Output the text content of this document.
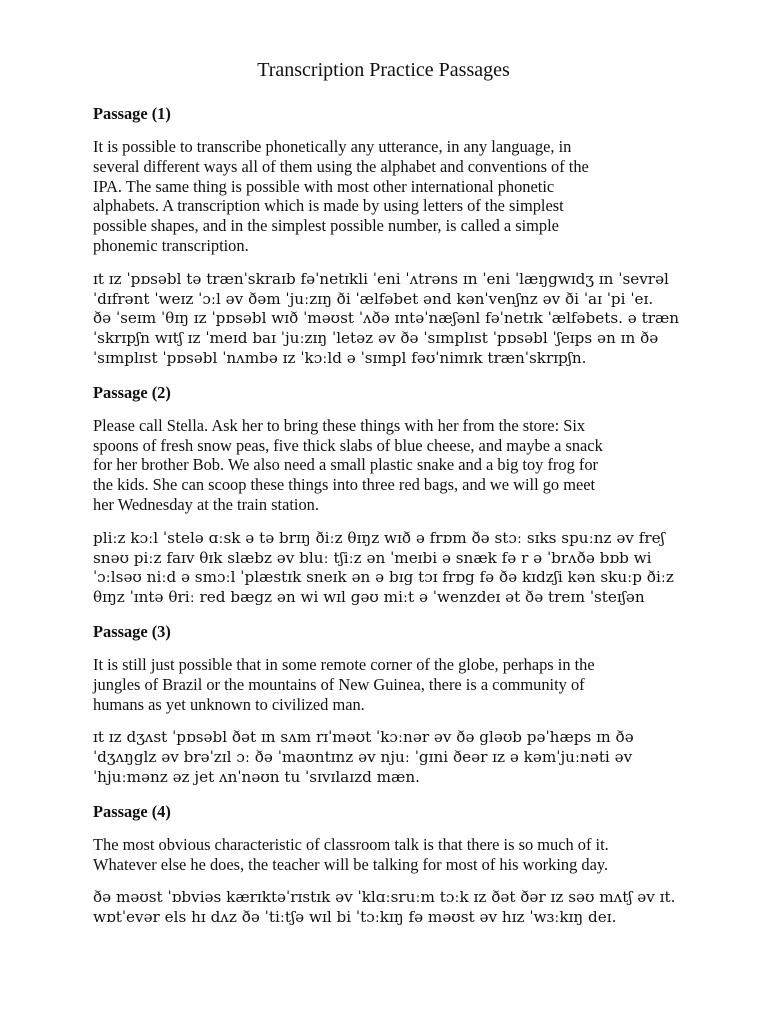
Transcription Practice Passages
Passage (1)
It is possible to transcribe phonetically any utterance, in any language, in
several different ways all of them using the alphabet and conventions of the
IPA. The same thing is possible with most other international phonetic
alphabets. A transcription which is made by using letters of the simplest
possible shapes, and in the simplest possible number, is called a simple
phonemic transcription.
ɪt ɪz ˈpɒsəbl tə trænˈskraɪb fəˈnetɪkli ˈeni ˈʌtrəns ɪn ˈeni ˈlæŋgwɪdʒ ɪn ˈsevrəl
ˈdɪfrənt ˈweɪz ˈɔːl əv ðəm ˈjuːzɪŋ ði ˈælfəbet ənd kənˈvenʃnz əv ði ˈaɪ ˈpi ˈeɪ.
ðə ˈseɪm ˈθɪŋ ɪz ˈpɒsəbl wɪð ˈməʊst ˈʌðə ɪntəˈnæʃənl fəˈnetɪk ˈælfəbets. ə træn
ˈskrɪpʃn wɪtʃ ɪz ˈmeɪd baɪ ˈjuːzɪŋ ˈletəz əv ðə ˈsɪmplɪst ˈpɒsəbl ˈʃeɪps ən ɪn ðə
ˈsɪmplɪst ˈpɒsəbl ˈnʌmbə ɪz ˈkɔːld ə ˈsɪmpl fəʊˈnimɪk trænˈskrɪpʃn.
Passage (2)
Please call Stella. Ask her to bring these things with her from the store: Six
spoons of fresh snow peas, five thick slabs of blue cheese, and maybe a snack
for her brother Bob. We also need a small plastic snake and a big toy frog for
the kids. She can scoop these things into three red bags, and we will go meet
her Wednesday at the train station.
pliːz kɔːl ˈstelə ɑːsk ə tə brɪŋ ðiːz θɪŋz wɪð ə frɒm ðə stɔː sɪks spuːnz əv freʃ
snəʊ piːz faɪv θɪk slæbz əv bluː tʃiːz ən ˈmeɪbi ə snæk fə r ə ˈbrʌðə bɒb wi
ˈɔːlsəʊ niːd ə smɔːl ˈplæstɪk sneɪk ən ə bɪg tɔɪ frɒg fə ðə kɪdzʃi kən skuːp ðiːz
θɪŋz ˈɪntə θriː red bægz ən wi wɪl gəʊ miːt ə ˈwenzdeɪ ət ðə treɪn ˈsteɪʃən
Passage (3)
It is still just possible that in some remote corner of the globe, perhaps in the
jungles of Brazil or the mountains of New Guinea, there is a community of
humans as yet unknown to civilized man.
ɪt ɪz dʒʌst ˈpɒsəbl ðət ɪn sʌm rɪˈməʊt ˈkɔːnər əv ðə gləʊb pəˈhæps ɪn ðə
ˈdʒʌŋglz əv brəˈzɪl ɔː ðə ˈmaʊntɪnz əv njuː ˈgɪni ðeər ɪz ə kəmˈjuːnəti əv
ˈhjuːmənz əz jet ʌnˈnəʊn tu ˈsɪvɪlaɪzd mæn.
Passage (4)
The most obvious characteristic of classroom talk is that there is so much of it.
Whatever else he does, the teacher will be talking for most of his working day.
ðə məʊst ˈɒbviəs kærɪktəˈrɪstɪk əv ˈklɑːsruːm tɔːk ɪz ðət ðər ɪz səʊ mʌtʃ əv ɪt.
wɒtˈevər els hɪ dʌz ðə ˈtiːtʃə wɪl bi ˈtɔːkɪŋ fə məʊst əv hɪz ˈwɜːkɪŋ deɪ.
